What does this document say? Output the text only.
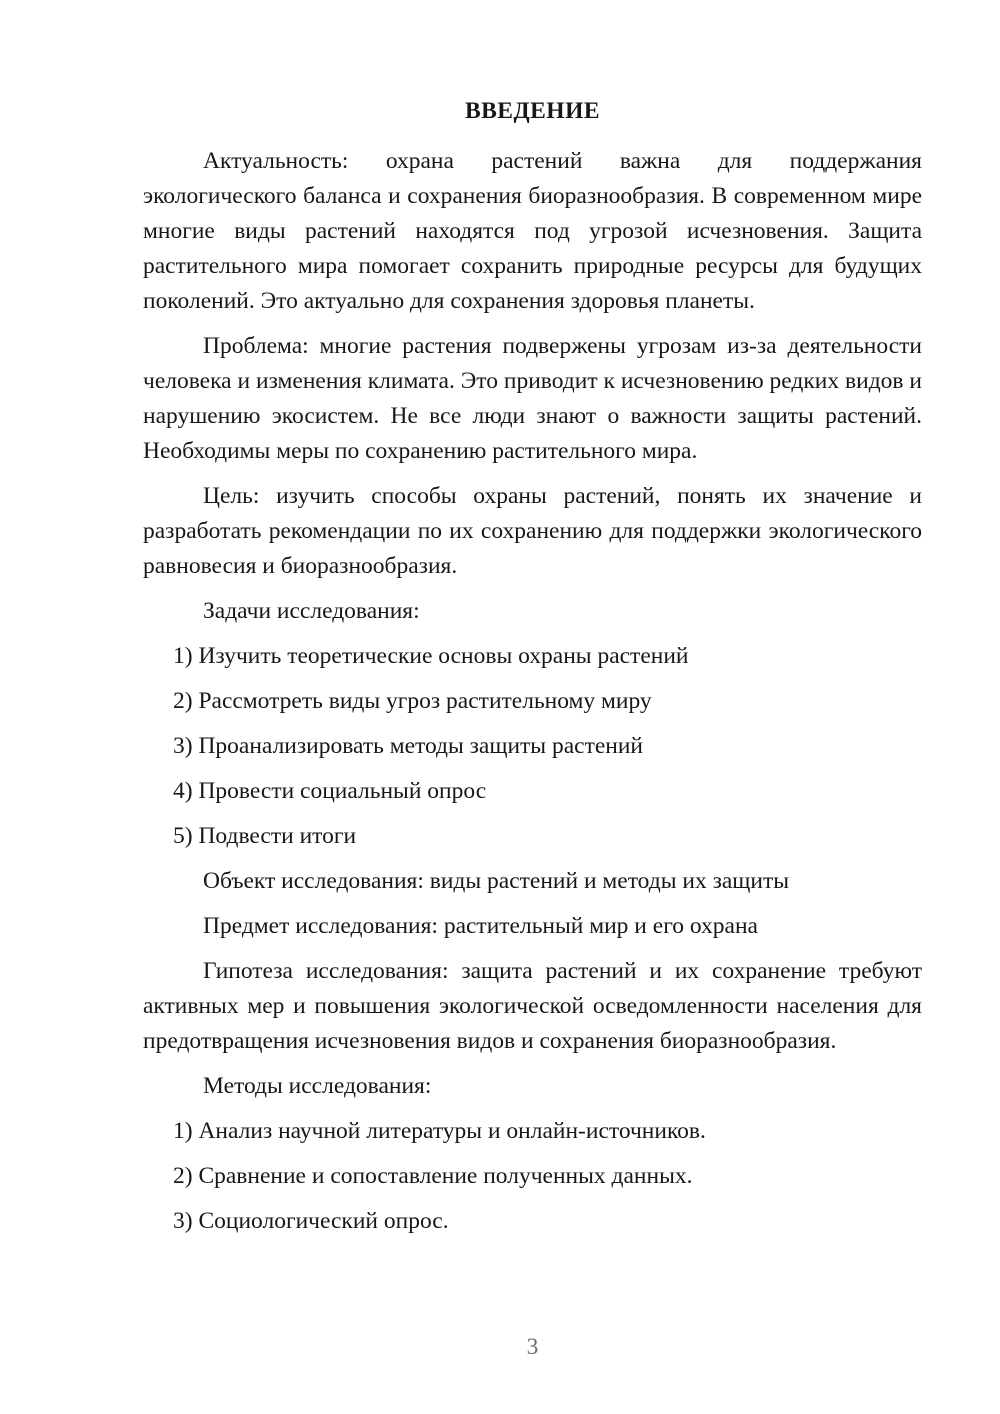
ВВЕДЕНИЕ

Актуальность: охрана растений важна для поддержания экологического баланса и сохранения биоразнообразия. В современном мире многие виды растений находятся под угрозой исчезновения. Защита растительного мира помогает сохранить природные ресурсы для будущих поколений. Это актуально для сохранения здоровья планеты.

Проблема: многие растения подвержены угрозам из-за деятельности человека и изменения климата. Это приводит к исчезновению редких видов и нарушению экосистем. Не все люди знают о важности защиты растений. Необходимы меры по сохранению растительного мира.

Цель: изучить способы охраны растений, понять их значение и разработать рекомендации по их сохранению для поддержки экологического равновесия и биоразнообразия.

Задачи исследования:

1) Изучить теоретические основы охраны растений

2) Рассмотреть виды угроз растительному миру

3) Проанализировать методы защиты растений

4) Провести социальный опрос

5) Подвести итоги

Объект исследования: виды растений и методы их защиты

Предмет исследования: растительный мир и его охрана

Гипотеза исследования: защита растений и их сохранение требуют активных мер и повышения экологической осведомленности населения для предотвращения исчезновения видов и сохранения биоразнообразия.

Методы исследования:

1) Анализ научной литературы и онлайн-источников.

2) Сравнение и сопоставление полученных данных.

3) Социологический опрос.

3
